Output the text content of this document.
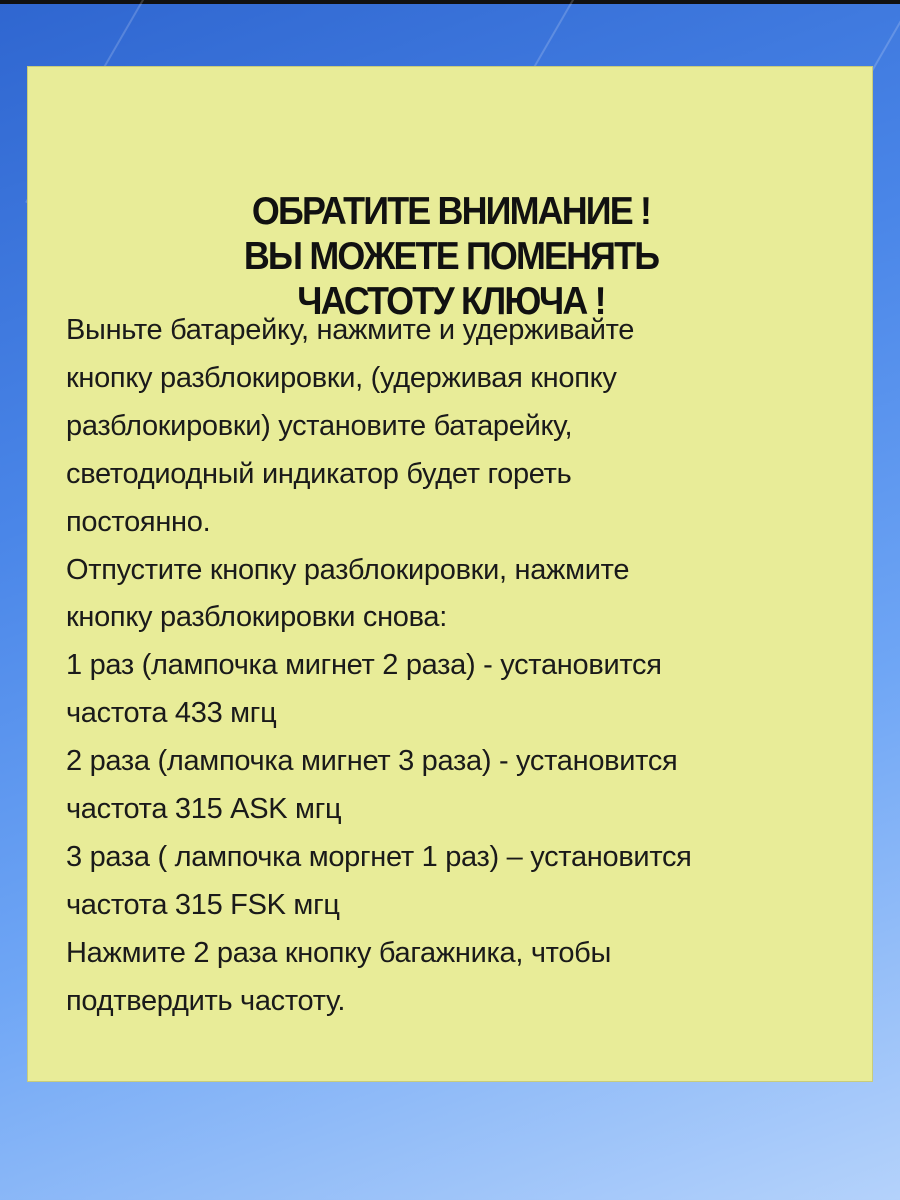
ОБРАТИТЕ ВНИМАНИЕ !
ВЫ МОЖЕТЕ ПОМЕНЯТЬ
ЧАСТОТУ КЛЮЧА !
Выньте батарейку, нажмите и удерживайте
кнопку разблокировки, (удерживая кнопку
разблокировки) установите батарейку,
светодиодный индикатор будет гореть
постоянно.
Отпустите кнопку разблокировки, нажмите
кнопку разблокировки снова:
1 раз (лампочка мигнет 2 раза) - установится
частота 433 мгц
2 раза (лампочка мигнет 3 раза) - установится
частота 315 ASK мгц
3 раза ( лампочка моргнет 1 раз) – установится
частота 315 FSK мгц
Нажмите 2 раза кнопку багажника, чтобы
подтвердить частоту.
